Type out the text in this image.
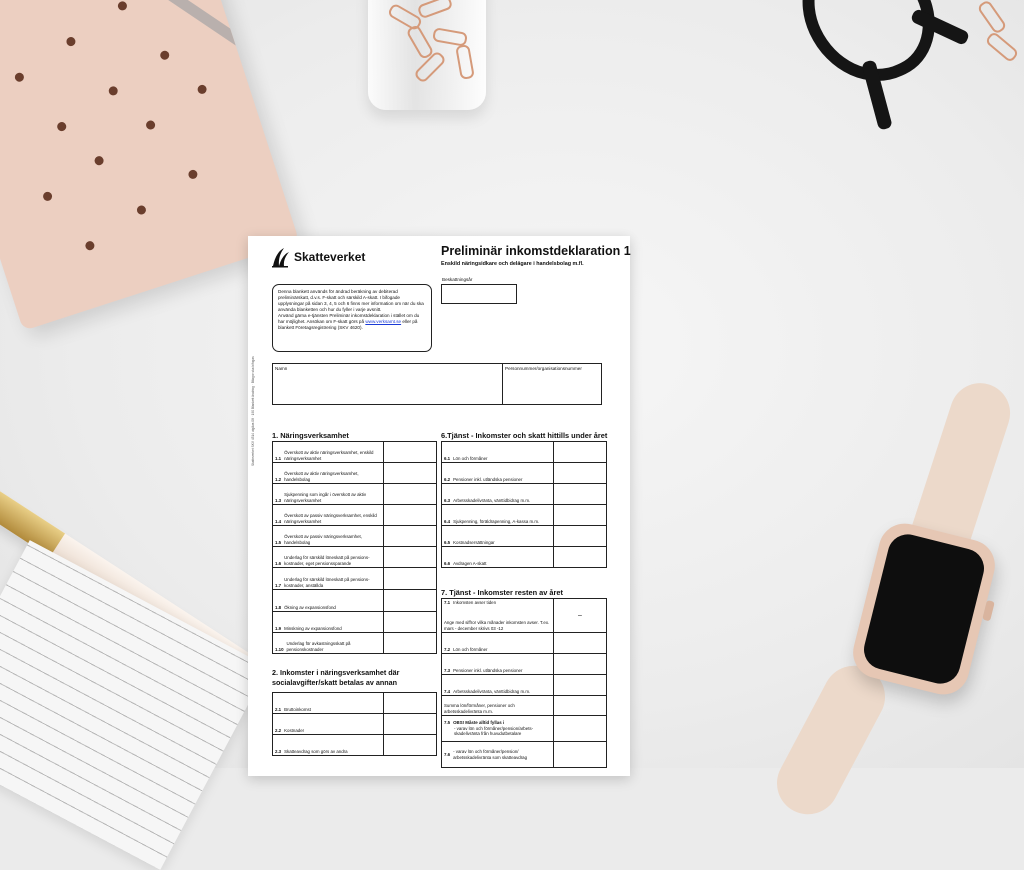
Skatteverket	Preliminär inkomstdeklaration 1
Enskild näringsidkare och delägare i handelsbolag m.fl.
Beskattningsår
Denna blankett används för ändrad beräkning av debiterad preliminärskatt, d.v.s. F-skatt och särskild A-skatt. I bifogade upplysningar på sidan 3, 4, 5 och 6 finns mer information om när du ska använda blanketten och hur du fyller i varje avsnitt.
Använd gärna e-tjänsten Preliminär inkomstdeklaration i stället om du har möjlighet. Ansökan om F-skatt görs på www.verksamt.se eller på blankett Företagsregistrering (SKV 4620).
Skatteverket SKV 4314 utgåva 08 · 190 Blankett ändring · Bilagor ska bifogas	Namn	Personnummer/organisationsnummer
1. Näringsverksamhet
1.1
Överskott av aktiv näringsverksamhet, enskild näringsverksamhet
1.2
Överskott av aktiv näringsverksamhet, handelsbolag
1.3
Sjukpenning som ingår i överskott av aktiv näringsverksamhet
1.4
Överskott av passiv näringsverksamhet, enskild näringsverksamhet
1.5
Överskott av passiv näringsverksamhet, handelsbolag
1.6
Underlag för särskild löneskatt på pensions-kostnader, eget pensionssparande
1.7
Underlag för särskild löneskatt på pensions-kostnader, anställda
1.8 Ökning av expansionsfond
1.9 Minskning av expansionsfond
1.10
Underlag för avkastningsskatt på pensionskostnader
2. Inkomster i näringsverksamhet där socialavgifter/skatt betalas av annan
2.1 Bruttoinkomst
2.2 Kostnader
2.3 Skatteavdrag som görs av andra
6.Tjänst - Inkomster och skatt hittills under året
6.1 Lön och förmåner
6.2 Pensioner inkl. utländska pensioner
6.3 Arbetsskadelivränta, vänttidbidrag m.m.
6.4 Sjukpenning, föräldrapenning, A-kassa m.m.
6.5 Kostnadsersättningar
6.6 Avdragen A-skatt
7. Tjänst - Inkomster resten av året
7.1 Inkomsten avser tiden
Ange med siffror vilka månader inkomsten avser. T.ex. mars - december skrivs 03 -12
–
7.2 Lön och förmåner
7.3 Pensioner inkl. utländska pensioner
7.4 Arbetsskadelivränta, vänttidbidrag m.m.
Summa lön/förmåner, pensioner och arbetsskadelivränta m.m.
7.5 OBS! Måste alltid fyllas i
- varav lön och förmåner/pension/arbets-skadelivränta från huvudutbetalare
7.6
- varav lön och förmåner/pension/ arbetsskadelivränta som skatteavdrag
